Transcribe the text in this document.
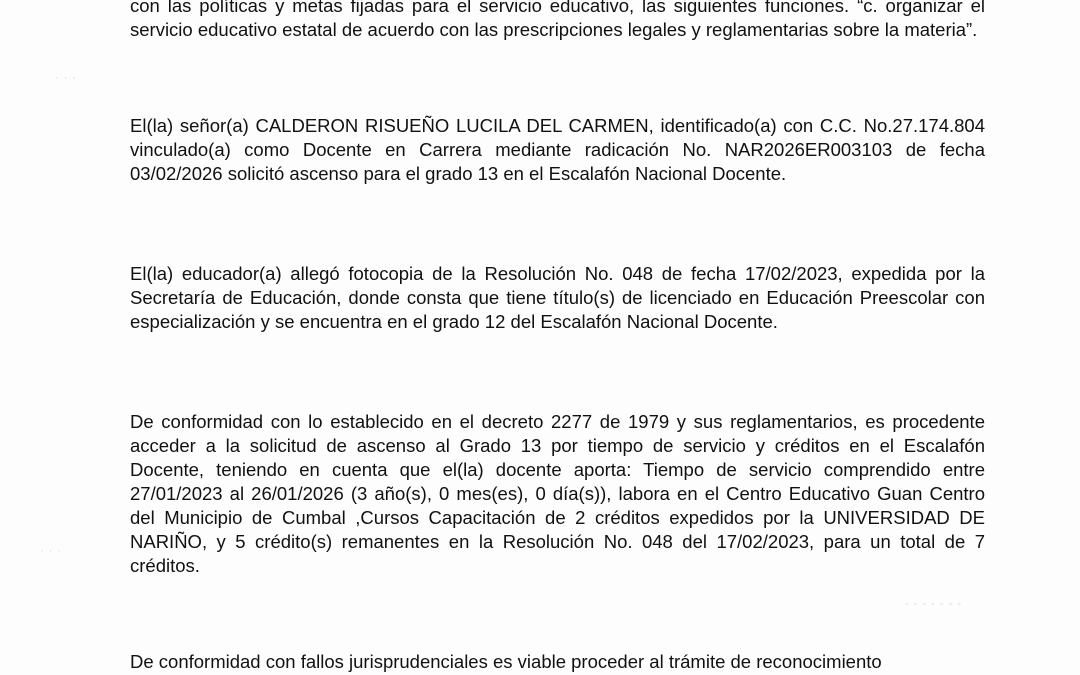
· · ·
· · ·
- - - - - - -

con las políticas y metas fijadas para el servicio educativo, las siguientes funciones. “c. organizar el servicio educativo estatal de acuerdo con las prescripciones legales y reglamentarias sobre la materia”.

El(la) señor(a) CALDERON RISUEÑO LUCILA DEL CARMEN, identificado(a) con C.C. No.27.174.804 vinculado(a) como Docente en Carrera mediante radicación No. NAR2026ER003103 de fecha 03/02/2026 solicitó ascenso para el grado 13 en el Escalafón Nacional Docente.

El(la) educador(a) allegó fotocopia de la Resolución No. 048 de fecha 17/02/2023, expedida por la Secretaría de Educación, donde consta que tiene título(s) de licenciado en Educación Preescolar con especialización y se encuentra en el grado 12 del Escalafón Nacional Docente.

De conformidad con lo establecido en el decreto 2277 de 1979 y sus reglamentarios, es procedente acceder a la solicitud de ascenso al Grado 13 por tiempo de servicio y créditos en el Escalafón Docente, teniendo en cuenta que el(la) docente aporta: Tiempo de servicio comprendido entre 27/01/2023 al 26/01/2026 (3 año(s), 0 mes(es), 0 día(s)), labora en el Centro Educativo Guan Centro del Municipio de Cumbal ,Cursos Capacitación de 2 créditos expedidos por la UNIVERSIDAD DE NARIÑO, y 5 crédito(s) remanentes en la Resolución No. 048 del 17/02/2023, para un total de 7 créditos.

De conformidad con fallos jurisprudenciales es viable proceder al trámite de reconocimiento
